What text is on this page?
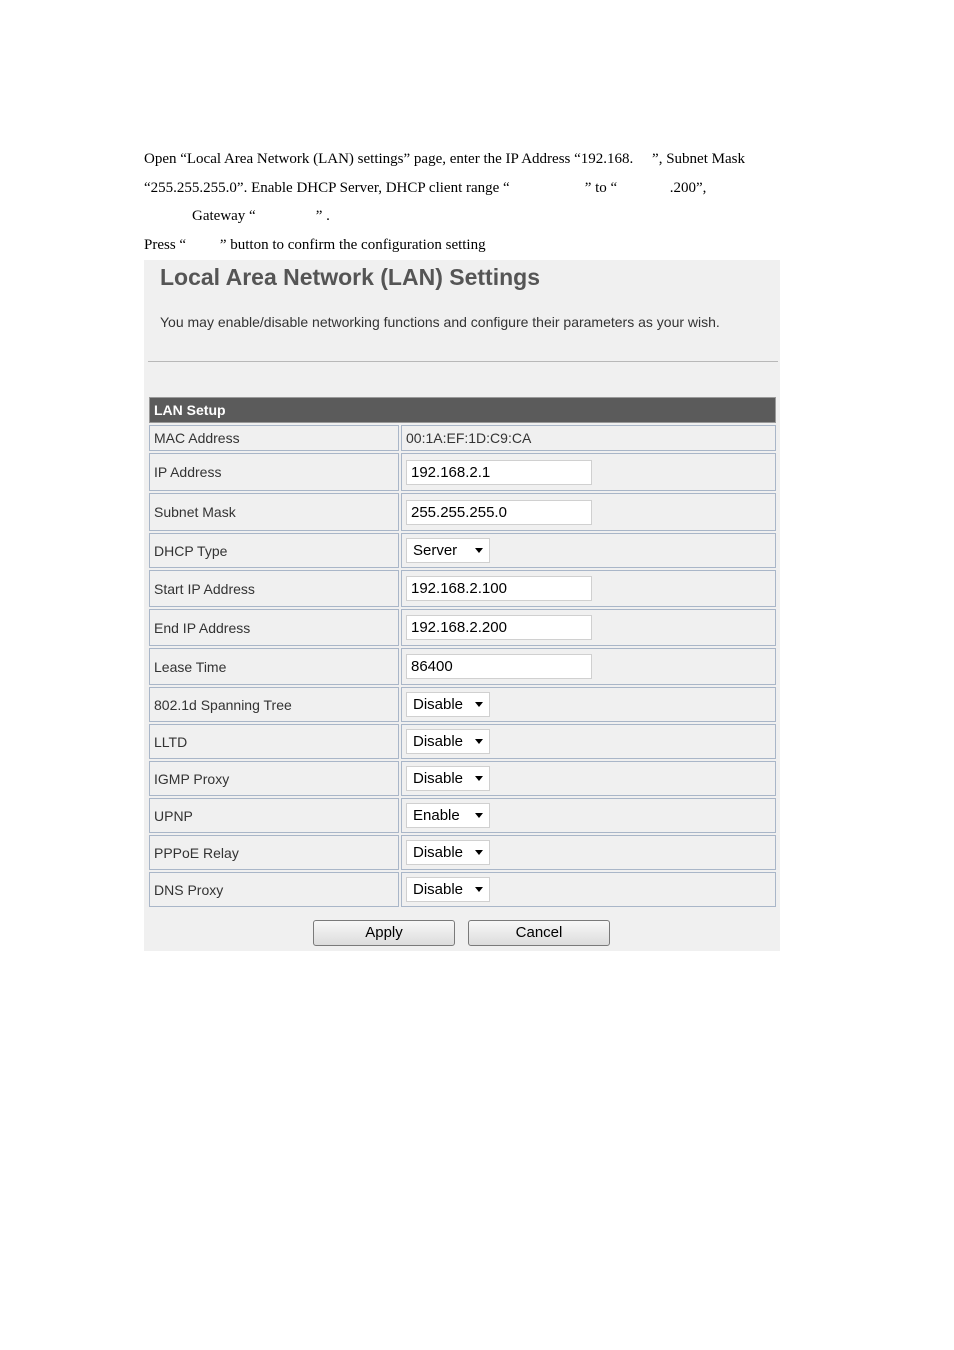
Open “Local Area Network (LAN) settings” page, enter the IP Address “192.168.     ”, Subnet Mask
“255.255.255.0”. Enable DHCP Server, DHCP client range “                    ” to “              .200”,
Gateway “                ” .
Press “         ” button to confirm the configuration setting
Local Area Network (LAN) Settings
You may enable/disable networking functions and configure their parameters as your wish.
LAN Setup
MAC Address	00:1A:EF:1D:C9:CA
IP Address	192.168.2.1
Subnet Mask	255.255.255.0
DHCP Type	Server
Start IP Address	192.168.2.100
End IP Address	192.168.2.200
Lease Time	86400
802.1d Spanning Tree	Disable
LLTD	Disable
IGMP Proxy	Disable
UPNP	Enable
PPPoE Relay	Disable
DNS Proxy	Disable
Apply	Cancel
